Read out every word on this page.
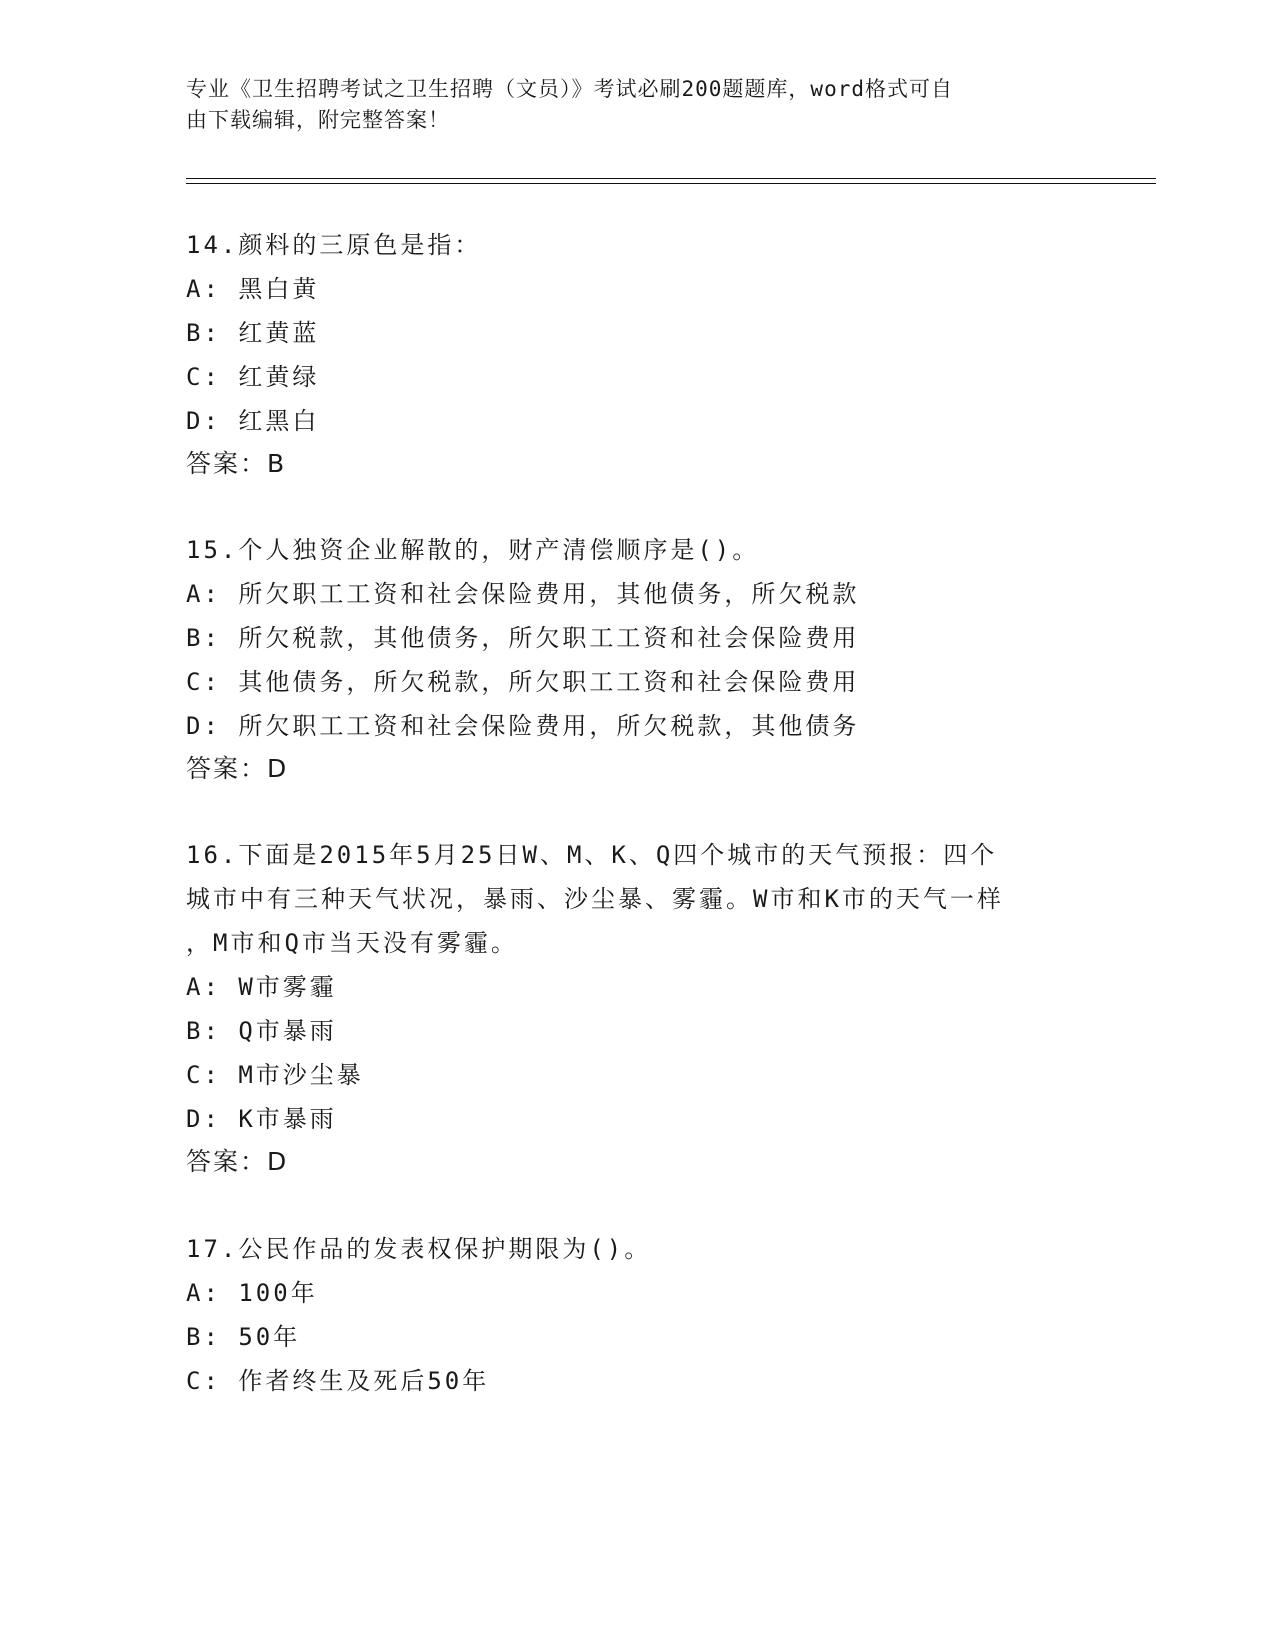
专业《卫生招聘考试之卫生招聘（文员）》考试必刷200题题库，word格式可自
由下载编辑，附完整答案！
14.颜料的三原色是指：
A: 黑白黄
B: 红黄蓝
C: 红黄绿
D: 红黑白
答案：B
15.个人独资企业解散的，财产清偿顺序是()。
A: 所欠职工工资和社会保险费用，其他债务，所欠税款
B: 所欠税款，其他债务，所欠职工工资和社会保险费用
C: 其他债务，所欠税款，所欠职工工资和社会保险费用
D: 所欠职工工资和社会保险费用，所欠税款，其他债务
答案：D
16.下面是2015年5月25日W、M、K、Q四个城市的天气预报：四个
城市中有三种天气状况，暴雨、沙尘暴、雾霾。W市和K市的天气一样
，M市和Q市当天没有雾霾。
A: W市雾霾
B: Q市暴雨
C: M市沙尘暴
D: K市暴雨
答案：D
17.公民作品的发表权保护期限为()。
A: 100年
B: 50年
C: 作者终生及死后50年
